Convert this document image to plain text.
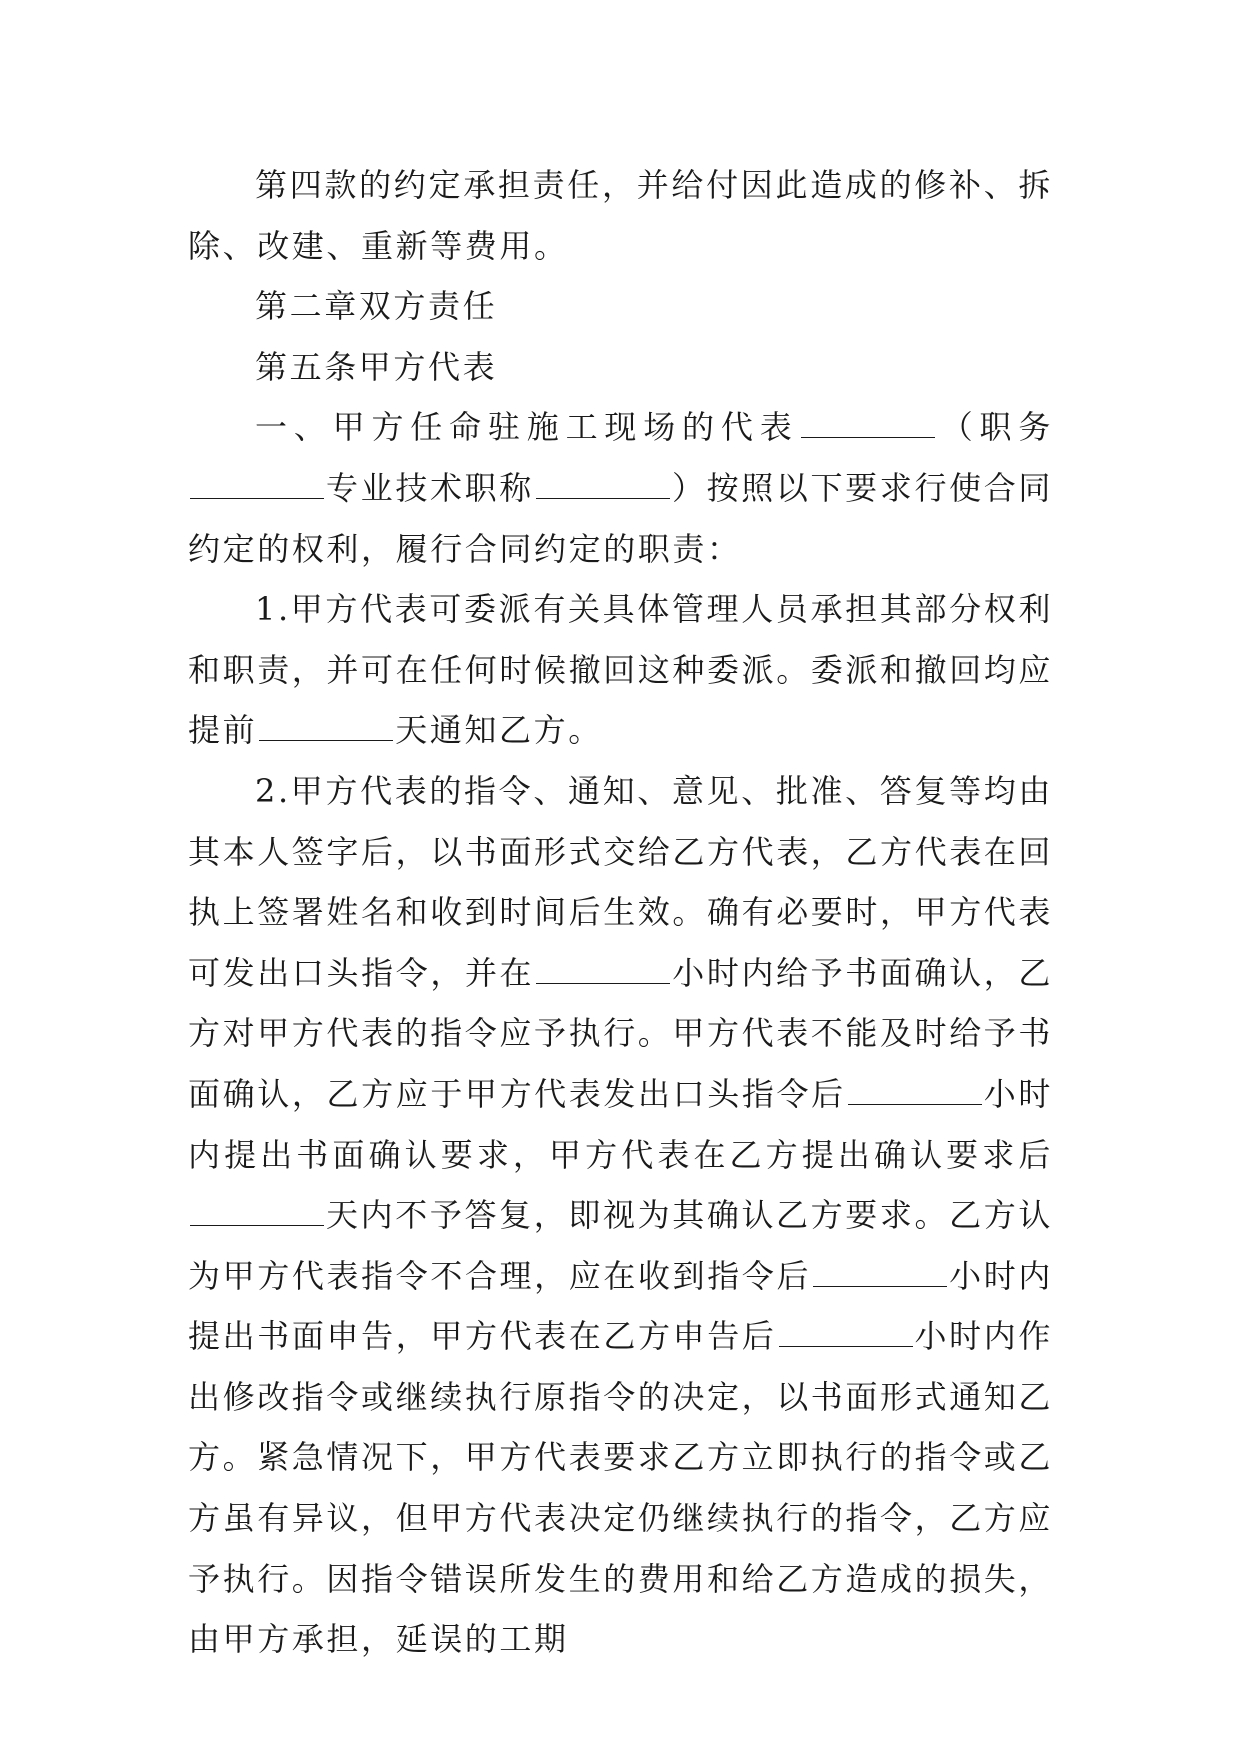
第四款的约定承担责任，并给付因此造成的修补、拆除、改建、重新等费用。

第二章双方责任

第五条甲方代表

一、甲方任命驻施工现场的代表	（职务专业技术职称	）按照以下要求行使合同约定的权利，履行合同约定的职责：

1.甲方代表可委派有关具体管理人员承担其部分权利和职责，并可在任何时候撤回这种委派。委派和撤回均应提前	天通知乙方。

2.甲方代表的指令、通知、意见、批准、答复等均由其本人签字后，以书面形式交给乙方代表，乙方代表在回执上签署姓名和收到时间后生效。确有必要时，甲方代表可发出口头指令，并在	小时内给予书面确认，乙方对甲方代表的指令应予执行。甲方代表不能及时给予书面确认，乙方应于甲方代表发出口头指令后	小时内提出书面确认要求，甲方代表在乙方提出确认要求后天内不予答复，即视为其确认乙方要求。乙方认为甲方代表指令不合理，应在收到指令后	小时内提出书面申告，甲方代表在乙方申告后	小时内作出修改指令或继续执行原指令的决定，以书面形式通知乙方。紧急情况下，甲方代表要求乙方立即执行的指令或乙方虽有异议，但甲方代表决定仍继续执行的指令，乙方应予执行。因指令错误所发生的费用和给乙方造成的损失，由甲方承担，延误的工期
